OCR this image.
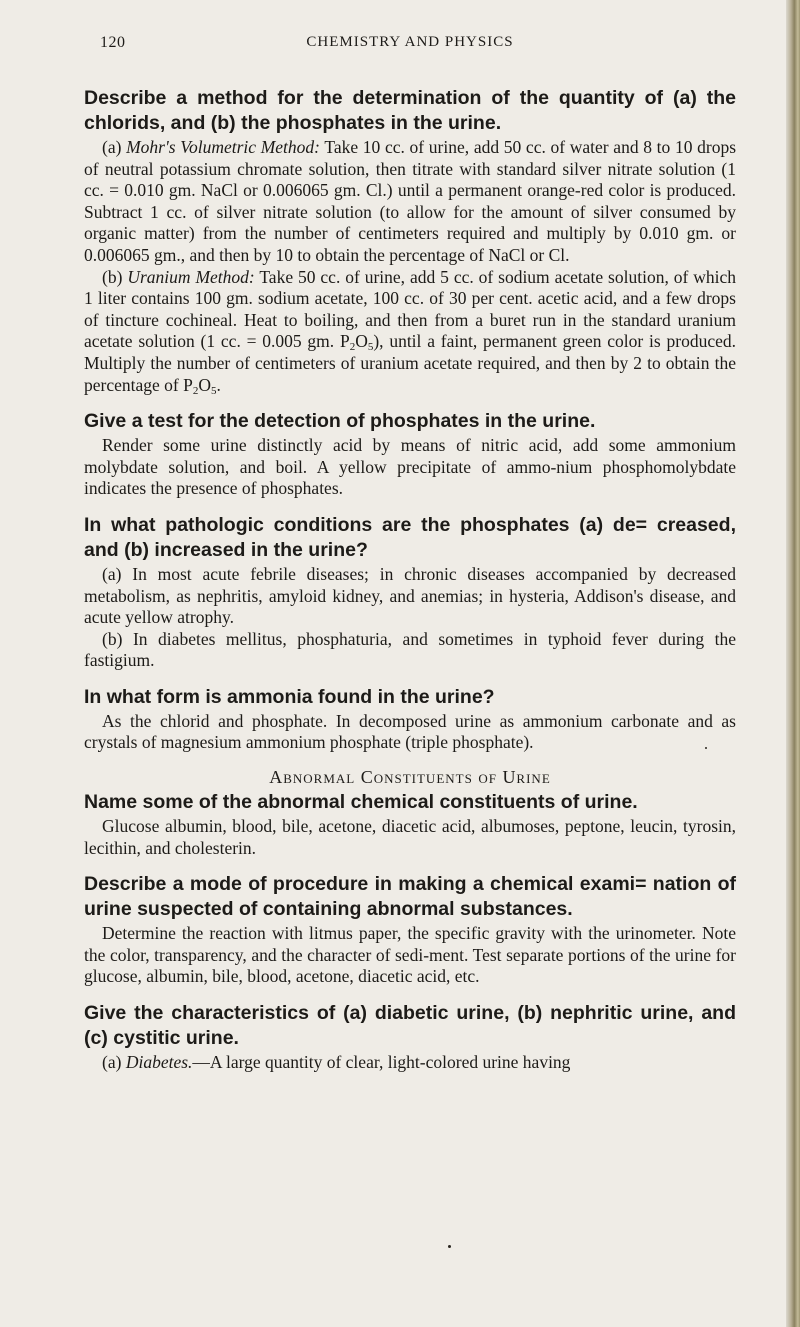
120	CHEMISTRY AND PHYSICS

Describe a method for the determination of the quantity of (a) the chlorids, and (b) the phosphates in the urine.

(a) Mohr's Volumetric Method: Take 10 cc. of urine, add 50 cc. of water and 8 to 10 drops of neutral potassium chromate solution, then titrate with standard silver nitrate solution (1 cc. = 0.010 gm. NaCl or 0.006065 gm. Cl.) until a permanent orange-red color is produced. Subtract 1 cc. of silver nitrate solution (to allow for the amount of silver consumed by organic matter) from the number of centimeters required and multiply by 0.010 gm. or 0.006065 gm., and then by 10 to obtain the percentage of NaCl or Cl.

(b) Uranium Method: Take 50 cc. of urine, add 5 cc. of sodium acetate solution, of which 1 liter contains 100 gm. sodium acetate, 100 cc. of 30 per cent. acetic acid, and a few drops of tincture cochineal. Heat to boiling, and then from a buret run in the standard uranium acetate solution (1 cc. = 0.005 gm. $P_2O_5$), until a faint, permanent green color is produced. Multiply the number of centimeters of uranium acetate required, and then by 2 to obtain the percentage of $P_2O_5$.

Give a test for the detection of phosphates in the urine.

Render some urine distinctly acid by means of nitric acid, add some ammonium molybdate solution, and boil. A yellow precipitate of ammo-nium phosphomolybdate indicates the presence of phosphates.

In what pathologic conditions are the phosphates (a) de= creased, and (b) increased in the urine?

(a) In most acute febrile diseases; in chronic diseases accompanied by decreased metabolism, as nephritis, amyloid kidney, and anemias; in hysteria, Addison's disease, and acute yellow atrophy.

(b) In diabetes mellitus, phosphaturia, and sometimes in typhoid fever during the fastigium.

In what form is ammonia found in the urine?

As the chlorid and phosphate. In decomposed urine as ammonium carbonate and as crystals of magnesium ammonium phosphate (triple phosphate).

Abnormal Constituents of Urine

Name some of the abnormal chemical constituents of urine.

Glucose albumin, blood, bile, acetone, diacetic acid, albumoses, peptone, leucin, tyrosin, lecithin, and cholesterin.

Describe a mode of procedure in making a chemical exami= nation of urine suspected of containing abnormal substances.

Determine the reaction with litmus paper, the specific gravity with the urinometer. Note the color, transparency, and the character of sedi-ment. Test separate portions of the urine for glucose, albumin, bile, blood, acetone, diacetic acid, etc.

Give the characteristics of (a) diabetic urine, (b) nephritic urine, and (c) cystitic urine.

(a) Diabetes.—A large quantity of clear, light-colored urine having
